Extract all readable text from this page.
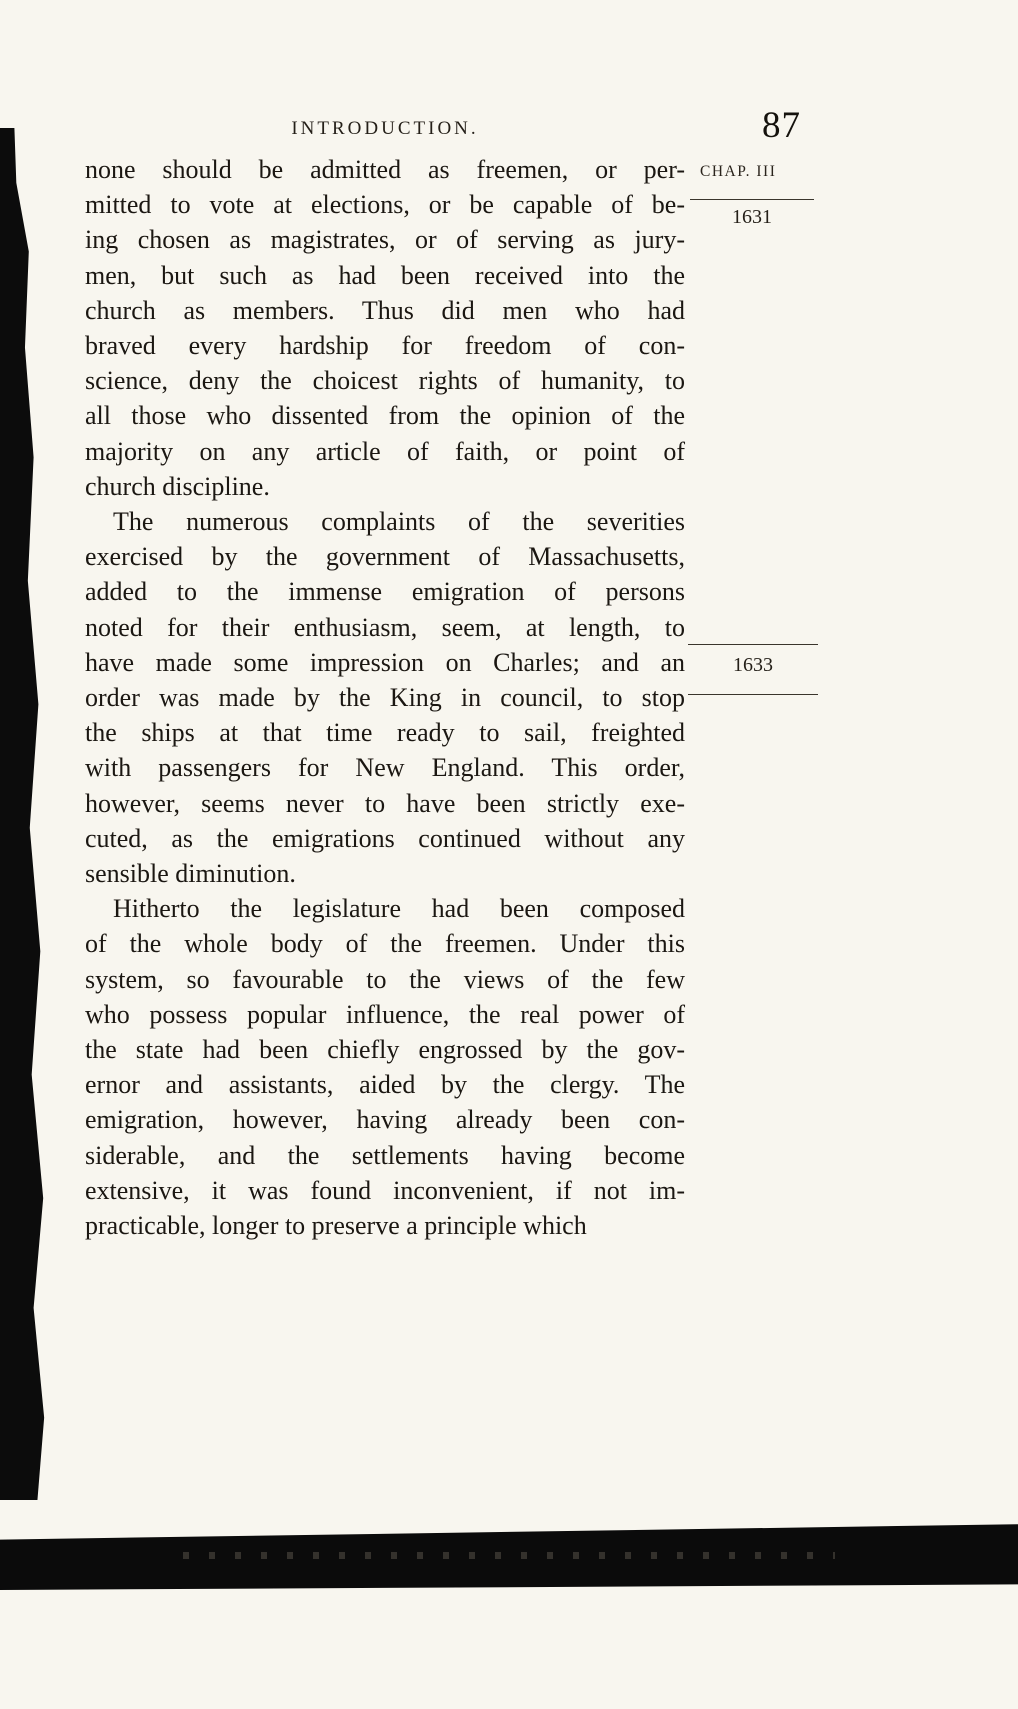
INTRODUCTION.	87
CHAP. III
1631
1633
none should be admitted as freemen, or per-
mitted to vote at elections, or be capable of be-
ing chosen as magistrates, or of serving as jury-
men, but such as had been received into the
church as members. Thus did men who had
braved every hardship for freedom of con-
science, deny the choicest rights of humanity, to
all those who dissented from the opinion of the
majority on any article of faith, or point of
church discipline.
The numerous complaints of the severities
exercised by the government of Massachusetts,
added to the immense emigration of persons
noted for their enthusiasm, seem, at length, to
have made some impression on Charles; and an
order was made by the King in council, to stop
the ships at that time ready to sail, freighted
with passengers for New England. This order,
however, seems never to have been strictly exe-
cuted, as the emigrations continued without any
sensible diminution.
Hitherto the legislature had been composed
of the whole body of the freemen. Under this
system, so favourable to the views of the few
who possess popular influence, the real power of
the state had been chiefly engrossed by the gov-
ernor and assistants, aided by the clergy. The
emigration, however, having already been con-
siderable, and the settlements having become
extensive, it was found inconvenient, if not im-
practicable, longer to preserve a principle which
